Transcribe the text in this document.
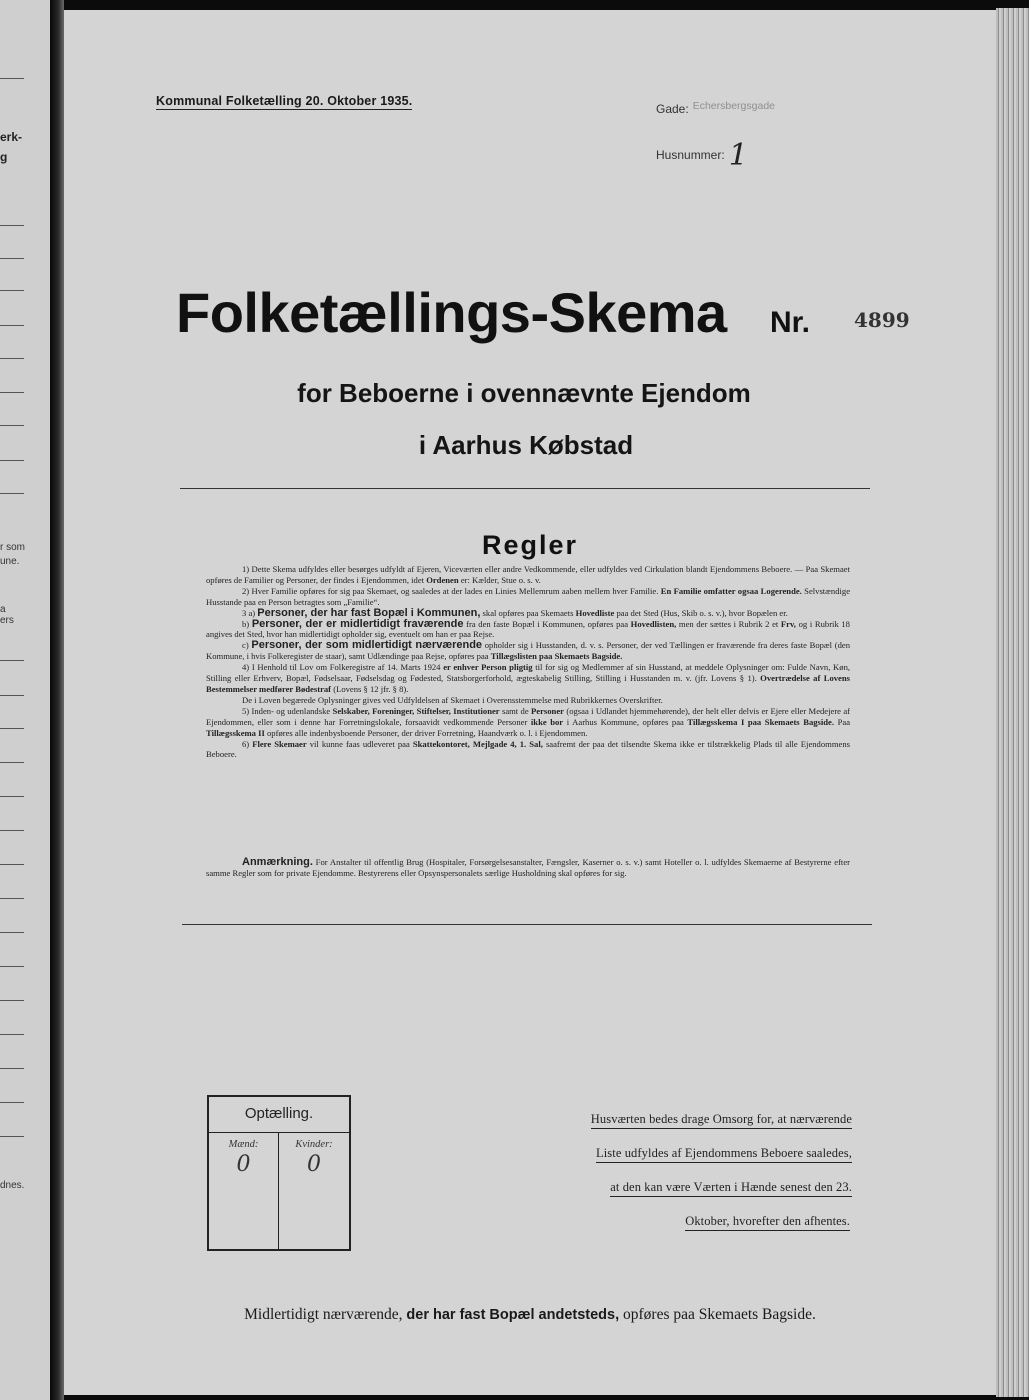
erk-
g
r som
une.
a
ers
dnes.
Kommunal Folketælling 20. Oktober 1935.
Gade: Echersbergsgade
Husnummer: 1
Folketællings-Skema Nr. 4899
for Beboerne i ovennævnte Ejendom
i Aarhus Købstad
Regler

1) Dette Skema udfyldes eller besørges udfyldt af Ejeren, Viceværten eller andre Vedkommende, eller udfyldes ved Cirkulation blandt Ejendommens Beboere. — Paa Skemaet opføres de Familier og Personer, der findes i Ejendommen, idet Ordenen er: Kælder, Stue o. s. v.

2) Hver Familie opføres for sig paa Skemaet, og saaledes at der lades en Linies Mellemrum aaben mellem hver Familie. En Familie omfatter ogsaa Logerende. Selvstændige Husstande paa en Person betragtes som „Familie“.

3 a) Personer, der har fast Bopæl i Kommunen, skal opføres paa Skemaets Hovedliste paa det Sted (Hus, Skib o. s. v.), hvor Bopælen er.

b) Personer, der er midlertidigt fraværende fra den faste Bopæl i Kommunen, opføres paa Hovedlisten, men der sættes i Rubrik 2 et Frv, og i Rubrik 18 angives det Sted, hvor han midlertidigt opholder sig, eventuelt om han er paa Rejse.

c) Personer, der som midlertidigt nærværende opholder sig i Husstanden, d. v. s. Personer, der ved Tællingen er fraværende fra deres faste Bopæl (den Kommune, i hvis Folkeregister de staar), samt Udlændinge paa Rejse, opføres paa Tillægslisten paa Skemaets Bagside.

4) I Henhold til Lov om Folkeregistre af 14. Marts 1924 er enhver Person pligtig til for sig og Medlemmer af sin Husstand, at meddele Oplysninger om: Fulde Navn, Køn, Stilling eller Erhverv, Bopæl, Fødselsaar, Fødselsdag og Fødested, Statsborgerforhold, ægteskabelig Stilling, Stilling i Husstanden m. v. (jfr. Lovens § 1). Overtrædelse af Lovens Bestemmelser medfører Bødestraf (Lovens § 12 jfr. § 8).

De i Loven begærede Oplysninger gives ved Udfyldelsen af Skemaet i Overensstemmelse med Rubrikkernes Overskrifter.

5) Inden- og udenlandske Selskaber, Foreninger, Stiftelser, Institutioner samt de Personer (ogsaa i Udlandet hjemmehørende), der helt eller delvis er Ejere eller Medejere af Ejendommen, eller som i denne har Forretningslokale, forsaavidt vedkommende Personer ikke bor i Aarhus Kommune, opføres paa Tillægsskema I paa Skemaets Bagside. Paa Tillægsskema II opføres alle indenbysboende Personer, der driver Forretning, Haandværk o. l. i Ejendommen.

6) Flere Skemaer vil kunne faas udleveret paa Skattekontoret, Mejlgade 4, 1. Sal, saafremt der paa det tilsendte Skema ikke er tilstrækkelig Plads til alle Ejendommens Beboere.

Anmærkning. For Anstalter til offentlig Brug (Hospitaler, Forsørgelsesanstalter, Fængsler, Kaserner o. s. v.) samt Hoteller o. l. udfyldes Skemaerne af Bestyrerne efter samme Regler som for private Ejendomme. Bestyrerens eller Opsynspersonalets særlige Husholdning skal opføres for sig.
Optælling.
Mænd:
0
Kvinder:
0
Husværten bedes drage Omsorg for, at nærværende
Liste udfyldes af Ejendommens Beboere saaledes,
at den kan være Værten i Hænde senest den 23.
Oktober, hvorefter den afhentes.
Midlertidigt nærværende, der har fast Bopæl andetsteds, opføres paa Skemaets Bagside.
